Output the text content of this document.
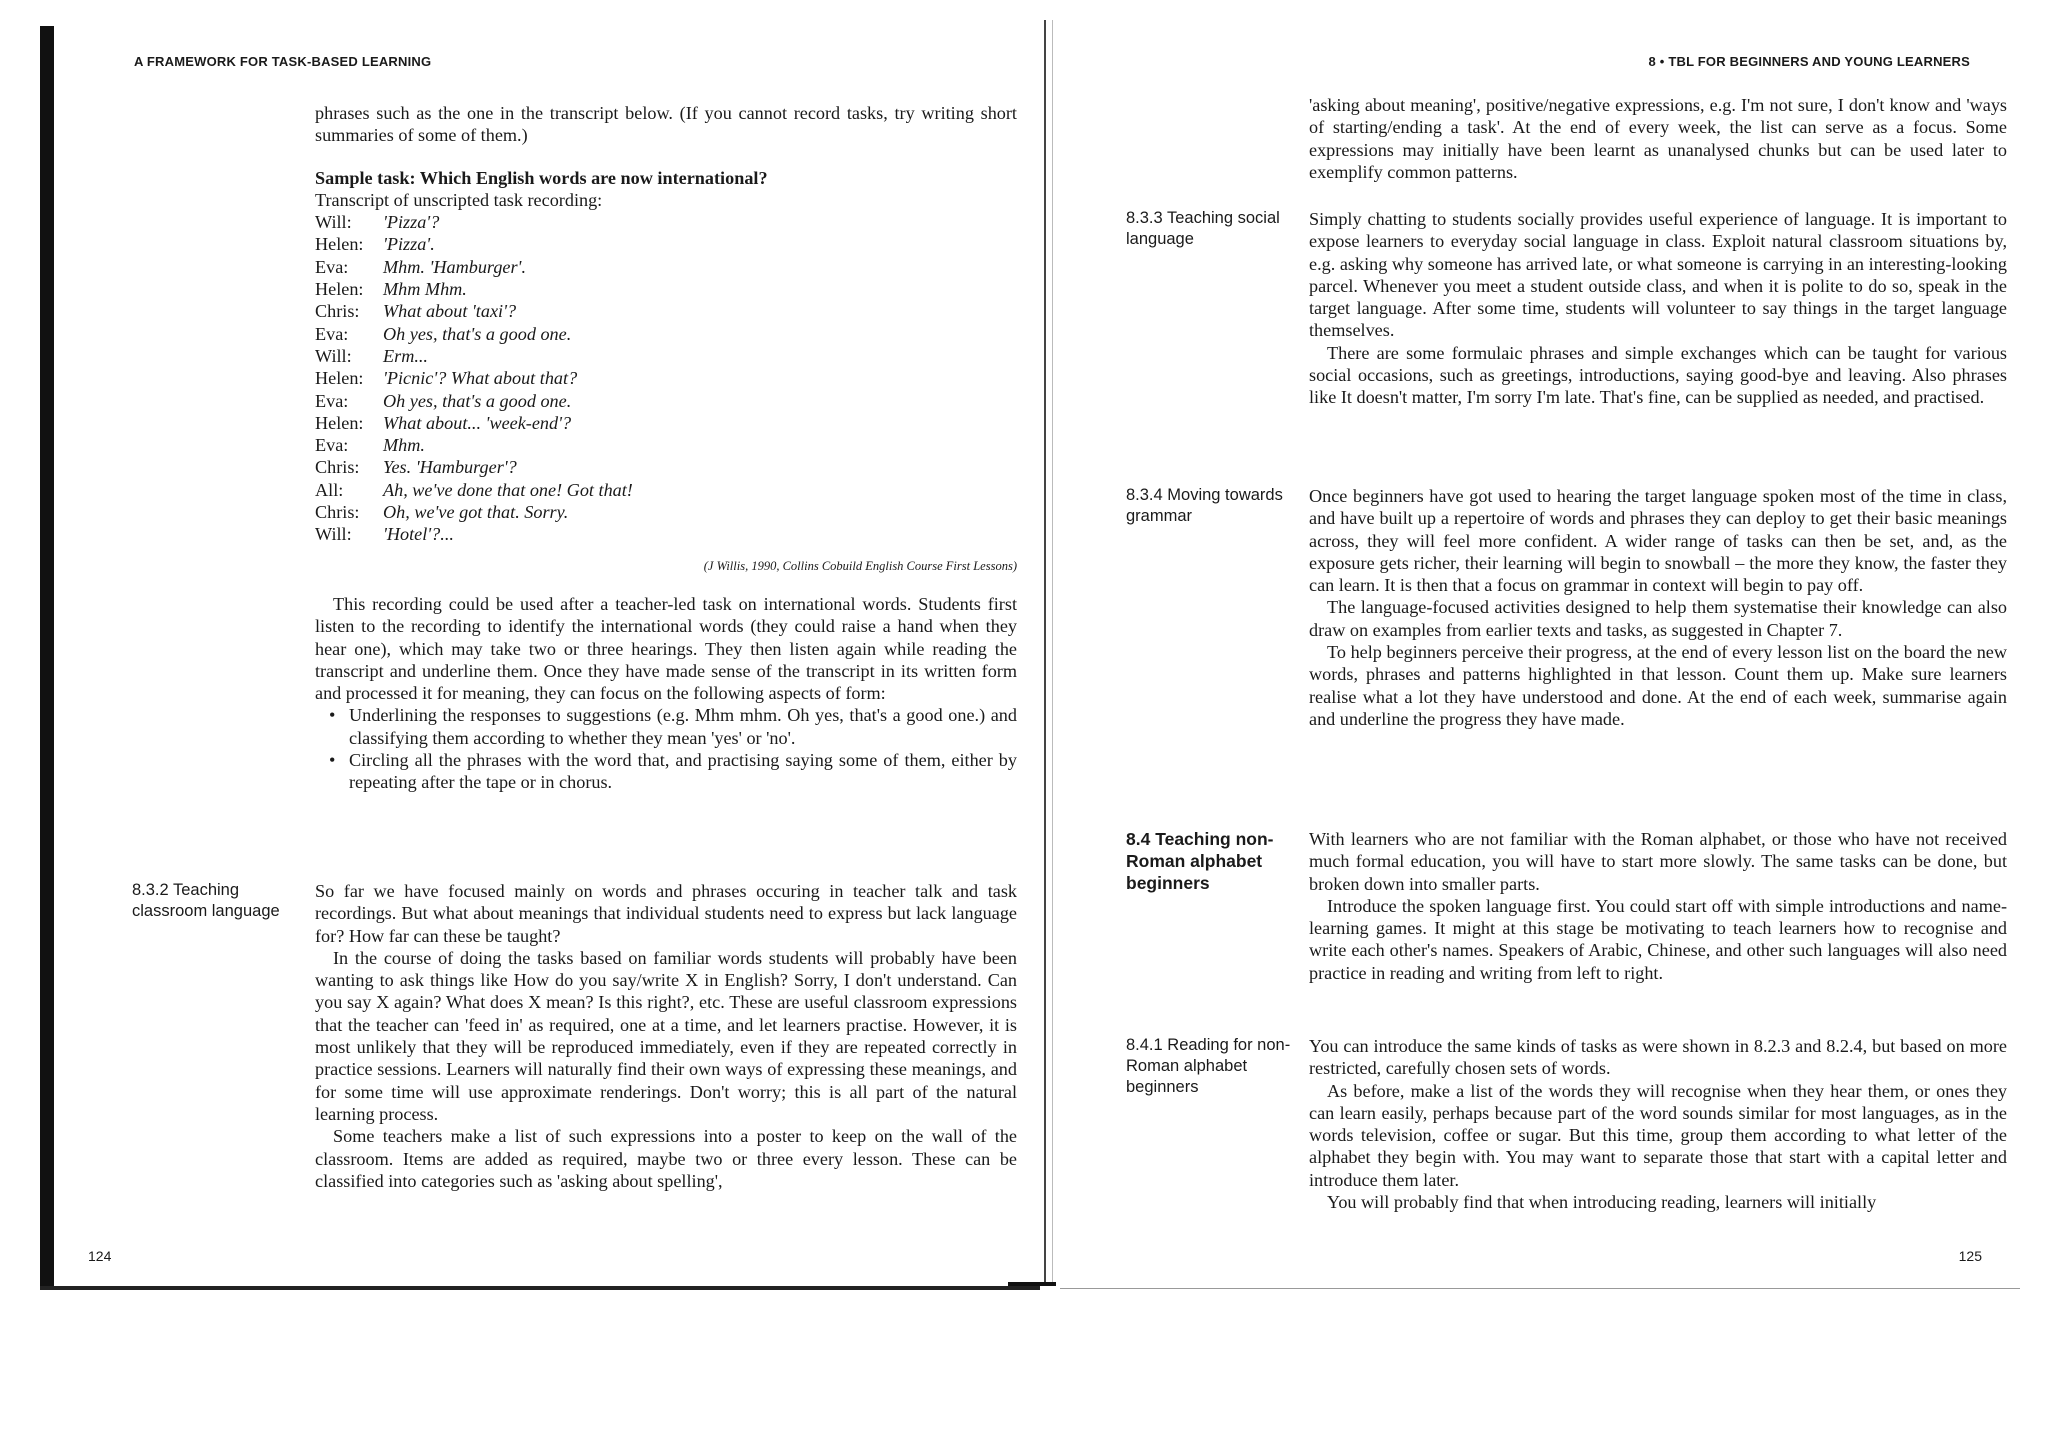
A FRAMEWORK FOR TASK-BASED LEARNING

phrases such as the one in the transcript below. (If you cannot record tasks, try writing short summaries of some of them.)

Sample task: Which English words are now international?

Transcript of unscripted task recording:

Will:	'Pizza'?
Helen:	'Pizza'.
Eva:	Mhm. 'Hamburger'.
Helen:	Mhm Mhm.
Chris:	What about 'taxi'?
Eva:	Oh yes, that's a good one.
Will:	Erm...
Helen:	'Picnic'? What about that?
Eva:	Oh yes, that's a good one.
Helen:	What about... 'week-end'?
Eva:	Mhm.
Chris:	Yes. 'Hamburger'?
All:	Ah, we've done that one! Got that!
Chris:	Oh, we've got that. Sorry.
Will:	'Hotel'?...

(J Willis, 1990, Collins Cobuild English Course First Lessons)

This recording could be used after a teacher-led task on international words. Students first listen to the recording to identify the international words (they could raise a hand when they hear one), which may take two or three hearings. They then listen again while reading the transcript and underline them. Once they have made sense of the transcript in its written form and processed it for meaning, they can focus on the following aspects of form:

• Underlining the responses to suggestions (e.g. Mhm mhm. Oh yes, that's a good one.) and classifying them according to whether they mean 'yes' or 'no'.
• Circling all the phrases with the word that, and practising saying some of them, either by repeating after the tape or in chorus.
8.3.2 Teaching classroom language

So far we have focused mainly on words and phrases occuring in teacher talk and task recordings. But what about meanings that individual students need to express but lack language for? How far can these be taught?

In the course of doing the tasks based on familiar words students will probably have been wanting to ask things like How do you say/write X in English? Sorry, I don't understand. Can you say X again? What does X mean? Is this right?, etc. These are useful classroom expressions that the teacher can 'feed in' as required, one at a time, and let learners practise. However, it is most unlikely that they will be reproduced immediately, even if they are repeated correctly in practice sessions. Learners will naturally find their own ways of expressing these meanings, and for some time will use approximate renderings. Don't worry; this is all part of the natural learning process.

Some teachers make a list of such expressions into a poster to keep on the wall of the classroom. Items are added as required, maybe two or three every lesson. These can be classified into categories such as 'asking about spelling',

124
8 • TBL FOR BEGINNERS AND YOUNG LEARNERS

'asking about meaning', positive/negative expressions, e.g. I'm not sure, I don't know and 'ways of starting/ending a task'. At the end of every week, the list can serve as a focus. Some expressions may initially have been learnt as unanalysed chunks but can be used later to exemplify common patterns.

8.3.3 Teaching social language

Simply chatting to students socially provides useful experience of language. It is important to expose learners to everyday social language in class. Exploit natural classroom situations by, e.g. asking why someone has arrived late, or what someone is carrying in an interesting-looking parcel. Whenever you meet a student outside class, and when it is polite to do so, speak in the target language. After some time, students will volunteer to say things in the target language themselves.

There are some formulaic phrases and simple exchanges which can be taught for various social occasions, such as greetings, introductions, saying good-bye and leaving. Also phrases like It doesn't matter, I'm sorry I'm late. That's fine, can be supplied as needed, and practised.

8.3.4 Moving towards grammar

Once beginners have got used to hearing the target language spoken most of the time in class, and have built up a repertoire of words and phrases they can deploy to get their basic meanings across, they will feel more confident. A wider range of tasks can then be set, and, as the exposure gets richer, their learning will begin to snowball – the more they know, the faster they can learn. It is then that a focus on grammar in context will begin to pay off.

The language-focused activities designed to help them systematise their knowledge can also draw on examples from earlier texts and tasks, as suggested in Chapter 7.

To help beginners perceive their progress, at the end of every lesson list on the board the new words, phrases and patterns highlighted in that lesson. Count them up. Make sure learners realise what a lot they have understood and done. At the end of each week, summarise again and underline the progress they have made.

8.4 Teaching non-Roman alphabet beginners

With learners who are not familiar with the Roman alphabet, or those who have not received much formal education, you will have to start more slowly. The same tasks can be done, but broken down into smaller parts.

Introduce the spoken language first. You could start off with simple introductions and name-learning games. It might at this stage be motivating to teach learners how to recognise and write each other's names. Speakers of Arabic, Chinese, and other such languages will also need practice in reading and writing from left to right.

8.4.1 Reading for non-Roman alphabet beginners

You can introduce the same kinds of tasks as were shown in 8.2.3 and 8.2.4, but based on more restricted, carefully chosen sets of words.

As before, make a list of the words they will recognise when they hear them, or ones they can learn easily, perhaps because part of the word sounds similar for most languages, as in the words television, coffee or sugar. But this time, group them according to what letter of the alphabet they begin with. You may want to separate those that start with a capital letter and introduce them later.

You will probably find that when introducing reading, learners will initially

125
